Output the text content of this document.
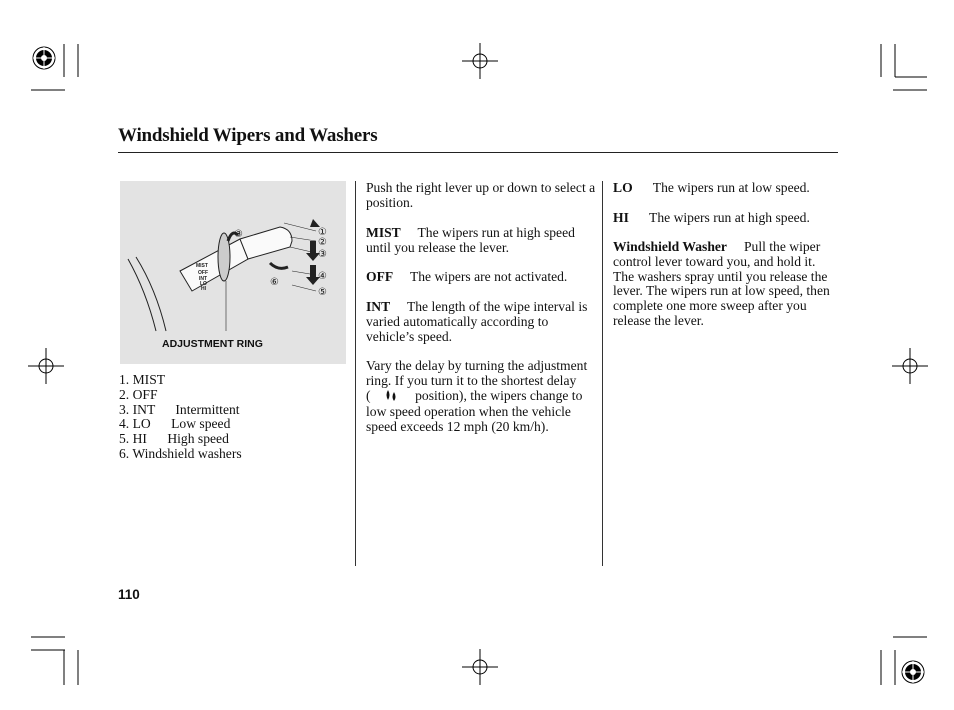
Windshield Wipers and Washers
MIST
OFF
INT
LO
HI
③	①
②
③
④
⑤
⑥
ADJUSTMENT RING
1. MIST
2. OFF
3. INT      Intermittent
4. LO      Low speed
5. HI      High speed
6. Windshield washers
Push the right lever up or down to select a position.
MIST The wipers run at high speed until you release the lever.
OFF The wipers are not activated.
INT The length of the wipe interval is varied automatically according to vehicle’s speed.
Vary the delay by turning the adjustment ring. If you turn it to the shortest delay (	position), the wipers change to low speed operation when the vehicle speed exceeds 12 mph (20 km/h).
LO The wipers run at low speed.
HI The wipers run at high speed.
Windshield Washer Pull the wiper control lever toward you, and hold it. The washers spray until you release the lever. The wipers run at low speed, then complete one more sweep after you release the lever.
110
